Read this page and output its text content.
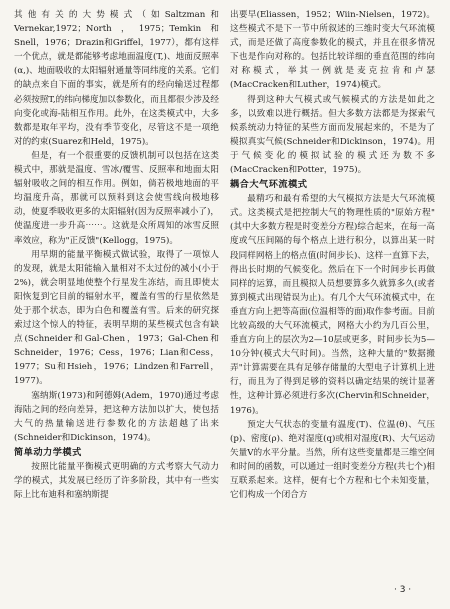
其他有关的大势模式（如Saltzman和Vernekar,1972；North，1975；Temkin和Snell，1976；Drazin和Griffel，1977），都有这样一个优点，就是都能够考虑地面温度(T,)、地面反照率(α,)、地面吸收的太阳辐射通量等同纬度的关系。它们的缺点来自下面的事实，就是所有的经向输送过程都必须按照T,的纬向梯度加以参数化，而且都很少涉及经向变化或海-陆相互作用。此外，在这类模式中，大多数都是取年平均，没有季节变化，尽管这不是一项绝对的约束(Suarez和Held，1975)。

但是，有一个很重要的反馈机制可以包括在这类模式中，那就是温度、雪冰/覆雪、反照率和地面太阳辐射吸收之间的相互作用。例如，倘若极地地面的平均温度升高，那就可以预料到这会使雪线向极地移动，使夏季吸收更多的太阳辐射(因为反照率减小了)，使温度进一步升高⋯⋯。这就是众所周知的冰雪反照率效应，称为"正反馈"(Kellogg，1975)。

用早期的能量平衡模式做试验，取得了一项惊人的发现，就是太阳能输入量相对不太过份的减小(小于2%)，就会明显地使整个行星发生冻结，而且即使太阳恢复到它目前的辐射水平，覆盖有雪的行星依然是处于那个状态，即为白色和覆盖有雪。后来的研究探索过这个惊人的特征，表明早期的某些模式包含有缺点(Schneider和Gal-Chen，1973；Gal-Chen和Schneider，1976；Cess，1976；Lian和Cess，1977；Su和Hsieh，1976；Lindzen和Farrell，1977)。

塞纳斯(1973)和阿德姆(Adem，1970)通过考虑海陆之间的经向差异，把这种方法加以扩大，使包括大气的热量输送进行参数化的方法超越了出来(Schneider和Dickinson，1974)。

简单动力学模式

按照比能量平衡模式更明确的方式考察大气动力学的模式，其发展已经历了许多阶段，其中有一些实际上比布迪科和塞纳斯提

出要早(Eliassen，1952；Wiin-Nielsen，1972)。这些模式不是下一节中所叙述的三维时变大气环流模式，而是还做了高度参数化的模式，并且在很多情况下也是作向对称的。包括比较详细的垂直范围的纬向对称模式，举其一例就是麦克拉肯和卢瑟(MacCracken和Luther，1974)模式。

得到这种大气模式或气候模式的方法是如此之多，以致难以进行概括。但大多数方法都是为探索气候系统动力特征的某些方面而发展起来的，不是为了模拟真实气候(Schneider和Dickinson，1974)。用于气候变化的模拟试验的模式还为数不多(MacCracken和Potter，1975)。

耦合大气环流模式

最精巧和最有希望的大气模拟方法是大气环流模式。这类模式是把控制大气的物理性质的"原始方程"(其中大多数方程是时变差分方程)综合起来，在每一高度或气压间隔的每个格点上进行积分，以算出某一时段同样网格上的格点值(时间步长)、这样一直算下去，得出长时期的气候变化。然后在下一个时间步长再做同样的运算，而且模拟人员想要算多久就算多久(或者算到模式出现错误为止)。有几个大气环流模式中，在垂直方向上把等高面(位温相等的面)取作参考面。目前比较高级的大气环流模式，网格大小约为几百公里，垂直方向上的层次为2—10层或更多，时间步长为5—10分钟(模式大气时间)。当然，这种大量的"数据搬弄"计算需要在具有足够存储量的大型电子计算机上进行，而且为了得到足够的资料以确定结果的统计显著性，这种计算必须进行多次(Chervin和Schneider，1976)。

预定大气状态的变量有温度(T)、位温(θ)、气压(p)、密度(ρ)、绝对湿度(q)或相对湿度(R)、大气运动矢量V的水平分量。当然，所有这些变量都是三维空间和时间的函数，可以通过一组时变差分方程(共七个)相互联系起来。这样，便有七个方程和七个未知变量，它们构成一个闭合方

· 3 ·
